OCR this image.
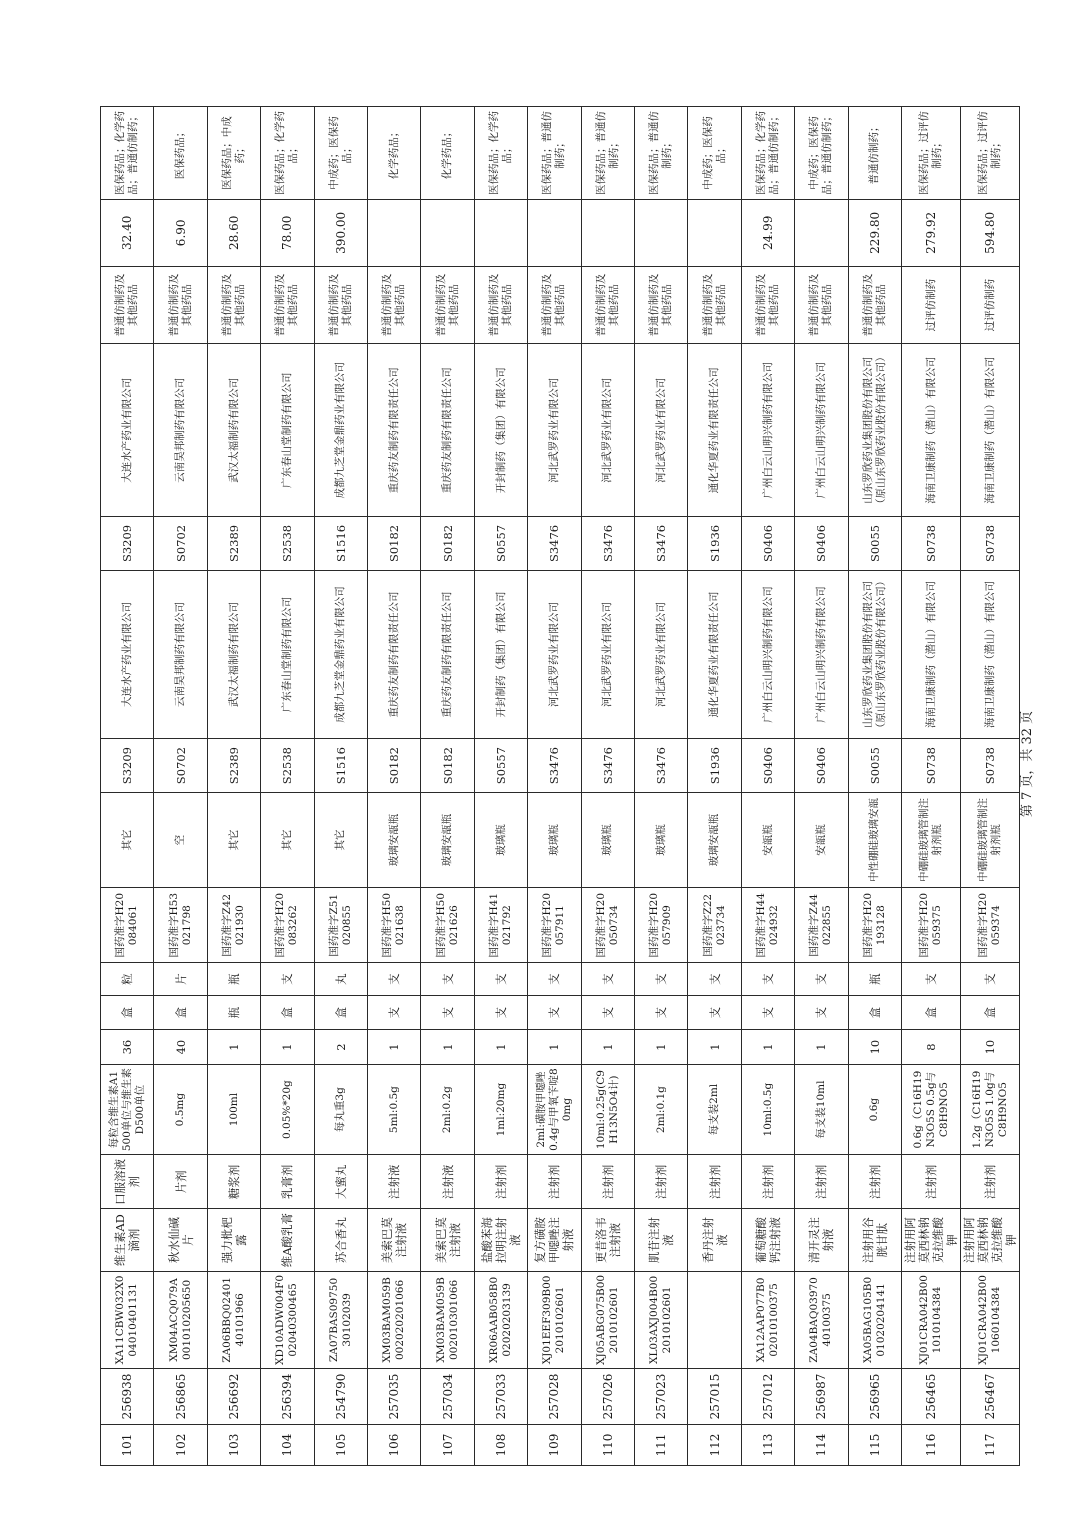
101	256938	XA11CBW032X004010401131	维生素AD滴剂	口服溶液剂	每粒含维生素A1500单位与维生素D500单位	36	盒	粒	国药准字H20084061	其它	S3209	大连水产药业有限公司	S3209	大连水产药业有限公司	普通仿制药及其他药品	32.40	医保药品；化学药品；普通仿制药；
102	256865	XM04ACQ079A001010205650	秋水仙碱片	片剂	0.5mg	40	盒	片	国药准字H53021798	空	S0702	云南昊邦制药有限公司	S0702	云南昊邦制药有限公司	普通仿制药及其他药品	6.90	医保药品；
103	256692	ZA06BBQ024014010196​6	强力枇杷露	糖浆剂	100ml	1	瓶	瓶	国药准字Z42021930	其它	S2389	武汉太福制药有限公司	S2389	武汉太福制药有限公司	普通仿制药及其他药品	28.60	医保药品；中成药；
104	256394	XD10ADW004F002040300465	维A酸乳膏	乳膏剂	0.05%*20g	1	盒	支	国药准字H20083262	其它	S2538	广东春山堂制药有限公司	S2538	广东春山堂制药有限公司	普通仿制药及其他药品	78.00	医保药品；化学药品；
105	254790	ZA07BAS0975030102039	苏合香丸	大蜜丸	每丸重3g	2	盒	丸	国药准字Z51020855	其它	S1516	成都九芝堂金鼎药业有限公司	S1516	成都九芝堂金鼎药业有限公司	普通仿制药及其他药品	390.00	中成药；医保药品；
106	257035	XM03BAM059B002020201066	美索巴莫注射液	注射液	5ml:0.5g	1	支	支	国药准字H50021638	玻璃安瓿瓶	S0182	重庆药友制药有限责任公司	S0182	重庆药友制药有限责任公司	普通仿制药及其他药品		化学药品；
107	257034	XM03BAM059B002010301066	美索巴莫注射液	注射液	2ml:0.2g	1	支	支	国药准字H50021626	玻璃安瓿瓶	S0182	重庆药友制药有限责任公司	S0182	重庆药友制药有限责任公司	普通仿制药及其他药品		化学药品；
108	257033	XR06AAB058B002020203139	盐酸苯海拉明注射液	注射剂	1ml:20mg	1	支	支	国药准字H41021792	玻璃瓶	S0557	开封制药（集团）有限公司	S0557	开封制药（集团）有限公司	普通仿制药及其他药品		医保药品；化学药品；
109	257028	XJ01EEF309B002010102601	复方磺胺甲噁唑注射液	注射剂	2ml:磺胺甲噁唑0.4g与甲氧苄啶80mg	1	支	支	国药准字H20057911	玻璃瓶	S3476	河北武罗药业有限公司	S3476	河北武罗药业有限公司	普通仿制药及其他药品		医保药品；普通仿制药；
110	257026	XJ05ABG075B002010102601	更昔洛韦注射液	注射剂	10ml:0.25g(C9H13N5O4计)	1	支	支	国药准字H20050734	玻璃瓶	S3476	河北武罗药业有限公司	S3476	河北武罗药业有限公司	普通仿制药及其他药品		医保药品；普通仿制药；
111	257023	XL03AXJ004B002010102601	肌苷注射液	注射剂	2ml:0.1g	1	支	支	国药准字H20057909	玻璃瓶	S3476	河北武罗药业有限公司	S3476	河北武罗药业有限公司	普通仿制药及其他药品		医保药品；普通仿制药；
112	257015		香丹注射液	注射剂	每支装2ml	1	支	支	国药准字Z22023734	玻璃安瓿瓶	S1936	通化华夏药业有限责任公司	S1936	通化华夏药业有限责任公司	普通仿制药及其他药品		中成药；医保药品；
113	257012	XA12AAP077B002010100375	葡萄糖酸钙注射液	注射剂	10ml:0.5g	1	支	支	国药准字H44024932	安瓿瓶	S0406	广州白云山明兴制药有限公司	S0406	广州白云山明兴制药有限公司	普通仿制药及其他药品	24.99	医保药品；化学药品；普通仿制药；
114	256987	ZA04BAQ039704010037​5	清开灵注射液	注射剂	每支装10ml	1	支	支	国药准字Z44022855	安瓿瓶	S0406	广州白云山明兴制药有限公司	S0406	广州白云山明兴制药有限公司	普通仿制药及其他药品		中成药；医保药品；普通仿制药；
115	256965	XA05BAG105B001020204141	注射用谷胱甘肽	注射剂	0.6g	10	盒	瓶	国药准字H20193128	中性硼硅玻璃安瓿	S0055	山东罗欣药业集团股份有限公司（原山东罗欣药业股份有限公司）	S0055	山东罗欣药业集团股份有限公司（原山东罗欣药业股份有限公司）	普通仿制药及其他药品	229.80	普通仿制药；
116	256465	XJ01CRA042B001010104384	注射用阿莫西林钠克拉维酸钾	注射剂	0.6g（C16H19N3O5S 0.5g与C8H9NO5	8	盒	支	国药准字H20059375	中硼硅玻璃管制注射剂瓶	S0738	海南卫康制药（潜山）有限公司	S0738	海南卫康制药（潜山）有限公司	过评仿制药	279.92	医保药品；过评仿制药；
117	256467	XJ01CRA042B001060104384	注射用阿莫西林钠克拉维酸钾	注射剂	1.2g（C16H19N3O5S 1.0g与C8H9NO5	10	盒	支	国药准字H20059374	中硼硅玻璃管制注射剂瓶	S0738	海南卫康制药（潜山）有限公司	S0738	海南卫康制药（潜山）有限公司	过评仿制药	594.80	医保药品；过评仿制药；
第 7 页，共 32 页
